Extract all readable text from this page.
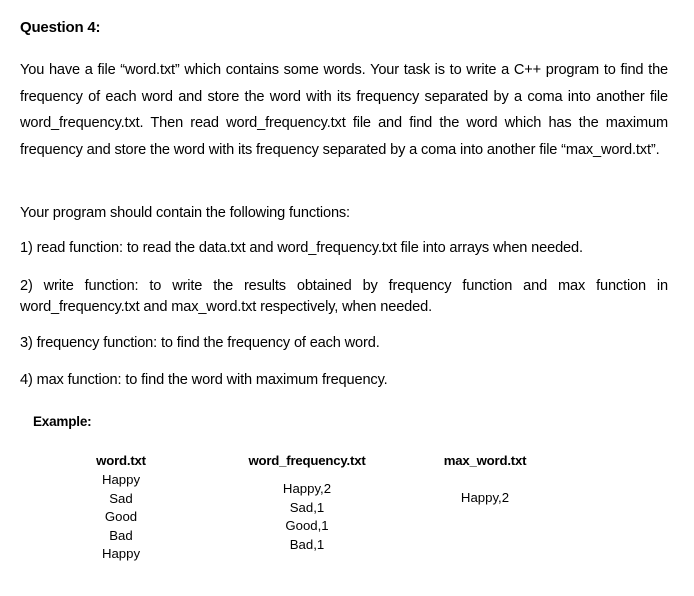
Question 4:
You have a file “word.txt” which contains some words. Your task is to write a C++ program to find the frequency of each word and store the word with its frequency separated by a coma into another file word_frequency.txt. Then read word_frequency.txt file and find the word which has the maximum frequency and store the word with its frequency separated by a coma into another file “max_word.txt”.
Your program should contain the following functions:
1) read function: to read the data.txt and word_frequency.txt file into arrays when needed.
2) write function: to write the results obtained by frequency function and max function in word_frequency.txt and max_word.txt respectively, when needed.
3) frequency function: to find the frequency of each word.
4) max function: to find the word with maximum frequency.
Example:
word.txt
Happy
Sad
Good
Bad
Happy
word_frequency.txt
Happy,2
Sad,1
Good,1
Bad,1
max_word.txt
Happy,2
